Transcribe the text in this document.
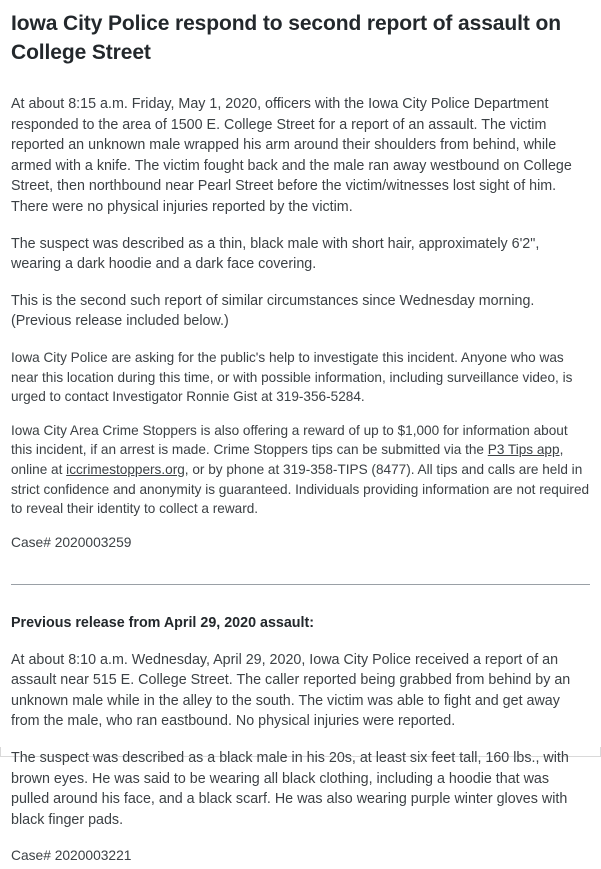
Iowa City Police respond to second report of assault on College Street

At about 8:15 a.m. Friday, May 1, 2020, officers with the Iowa City Police Department responded to the area of 1500 E. College Street for a report of an assault. The victim reported an unknown male wrapped his arm around their shoulders from behind, while armed with a knife. The victim fought back and the male ran away westbound on College Street, then northbound near Pearl Street before the victim/witnesses lost sight of him. There were no physical injuries reported by the victim.

The suspect was described as a thin, black male with short hair, approximately 6'2", wearing a dark hoodie and a dark face covering.

This is the second such report of similar circumstances since Wednesday morning. (Previous release included below.)

Iowa City Police are asking for the public's help to investigate this incident. Anyone who was near this location during this time, or with possible information, including surveillance video, is urged to contact Investigator Ronnie Gist at 319-356-5284.

Iowa City Area Crime Stoppers is also offering a reward of up to $1,000 for information about this incident, if an arrest is made. Crime Stoppers tips can be submitted via the P3 Tips app, online at iccrimestoppers.org, or by phone at 319-358-TIPS (8477). All tips and calls are held in strict confidence and anonymity is guaranteed. Individuals providing information are not required to reveal their identity to collect a reward.

Case# 2020003259

Previous release from April 29, 2020 assault:

At about 8:10 a.m. Wednesday, April 29, 2020, Iowa City Police received a report of an assault near 515 E. College Street. The caller reported being grabbed from behind by an unknown male while in the alley to the south. The victim was able to fight and get away from the male, who ran eastbound. No physical injuries were reported.

The suspect was described as a black male in his 20s, at least six feet tall, 160 lbs., with brown eyes. He was said to be wearing all black clothing, including a hoodie that was pulled around his face, and a black scarf. He was also wearing purple winter gloves with black finger pads.

Case# 2020003221
